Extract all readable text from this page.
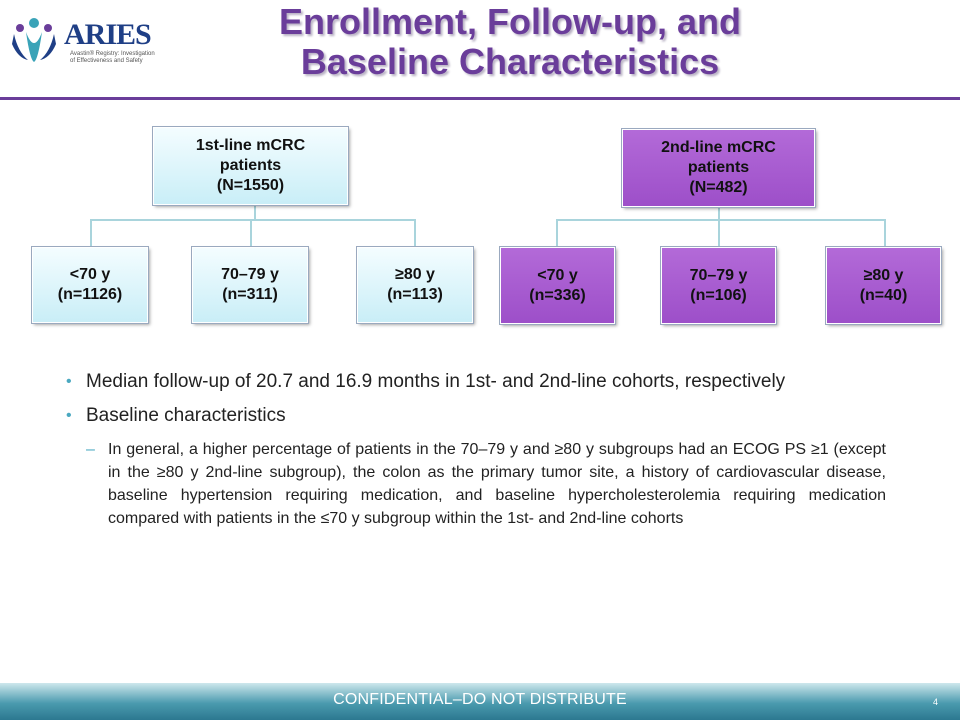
ARIES
Avastin® Registry: Investigation of Effectiveness and Safety
Enrollment, Follow-up, and
Baseline Characteristics
1st-line mCRC
patients
(N=1550)
<70 y
(n=1126)
70–79 y
(n=311)
≥80 y
(n=113)
2nd-line mCRC
patients
(N=482)
<70 y
(n=336)
70–79 y
(n=106)
≥80 y
(n=40)
• Median follow-up of 20.7 and 16.9 months in 1st- and 2nd-line cohorts, respectively
• Baseline characteristics
– In general, a higher percentage of patients in the 70–79 y and ≥80 y subgroups had an ECOG PS ≥1 (except in the ≥80 y 2nd-line subgroup), the colon as the primary tumor site, a history of cardiovascular disease, baseline hypertension requiring medication, and baseline hypercholesterolemia requiring medication compared with patients in the ≤70 y subgroup within the 1st- and 2nd-line cohorts
CONFIDENTIAL–DO NOT DISTRIBUTE	4
